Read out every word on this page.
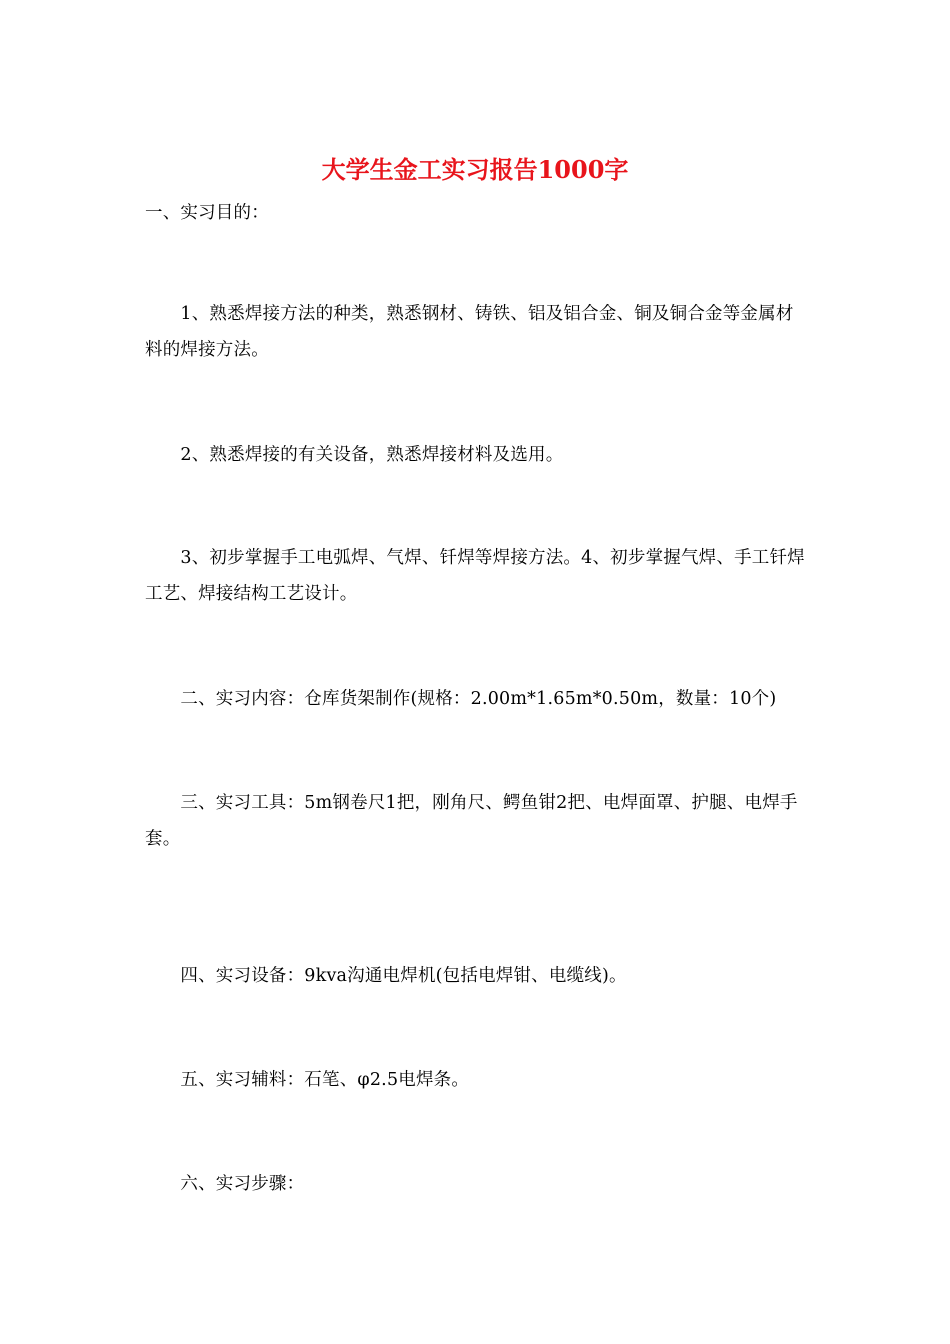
大学生金工实习报告1000字

一、实习目的：

　　1、熟悉焊接方法的种类，熟悉钢材、铸铁、铝及铝合金、铜及铜合金等金属材料的焊接方法。

　　2、熟悉焊接的有关设备，熟悉焊接材料及选用。

　　3、初步掌握手工电弧焊、气焊、钎焊等焊接方法。4、初步掌握气焊、手工钎焊工艺、焊接结构工艺设计。

　　二、实习内容：仓库货架制作(规格：2.00m*1.65m*0.50m，数量：10个)

　　三、实习工具：5m钢卷尺1把，刚角尺、鳄鱼钳2把、电焊面罩、护腿、电焊手套。

　　四、实习设备：9kva沟通电焊机(包括电焊钳、电缆线)。

　　五、实习辅料：石笔、φ2.5电焊条。

　　六、实习步骤：
